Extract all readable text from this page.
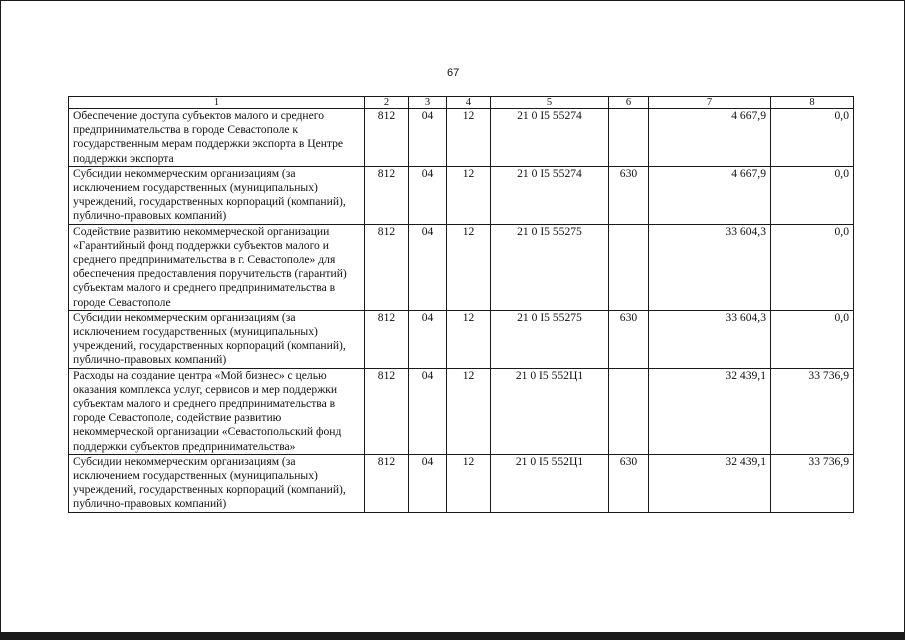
67
1	2	3	4	5	6	7	8
Обеспечение доступа субъектов малого и среднего предпринимательства в городе Севастополе к государственным мерам поддержки экспорта в Центре поддержки экспорта	812	04	12	21 0 I5 55274		4 667,9	0,0
Субсидии некоммерческим организациям (за исключением государственных (муниципальных) учреждений, государственных корпораций (компаний), публично-правовых компаний)	812	04	12	21 0 I5 55274	630	4 667,9	0,0
Содействие развитию некоммерческой организации «Гарантийный фонд поддержки субъектов малого и среднего предпринимательства в г. Севастополе» для обеспечения предоставления поручительств (гарантий) субъектам малого и среднего предпринимательства в городе Севастополе	812	04	12	21 0 I5 55275		33 604,3	0,0
Субсидии некоммерческим организациям (за исключением государственных (муниципальных) учреждений, государственных корпораций (компаний), публично-правовых компаний)	812	04	12	21 0 I5 55275	630	33 604,3	0,0
Расходы на создание центра «Мой бизнес» с целью оказания комплекса услуг, сервисов и мер поддержки субъектам малого и среднего предпринимательства в городе Севастополе, содействие развитию некоммерческой организации «Севастопольский фонд поддержки субъектов предпринимательства»	812	04	12	21 0 I5 552Ц1		32 439,1	33 736,9
Субсидии некоммерческим организациям (за исключением государственных (муниципальных) учреждений, государственных корпораций (компаний), публично-правовых компаний)	812	04	12	21 0 I5 552Ц1	630	32 439,1	33 736,9
